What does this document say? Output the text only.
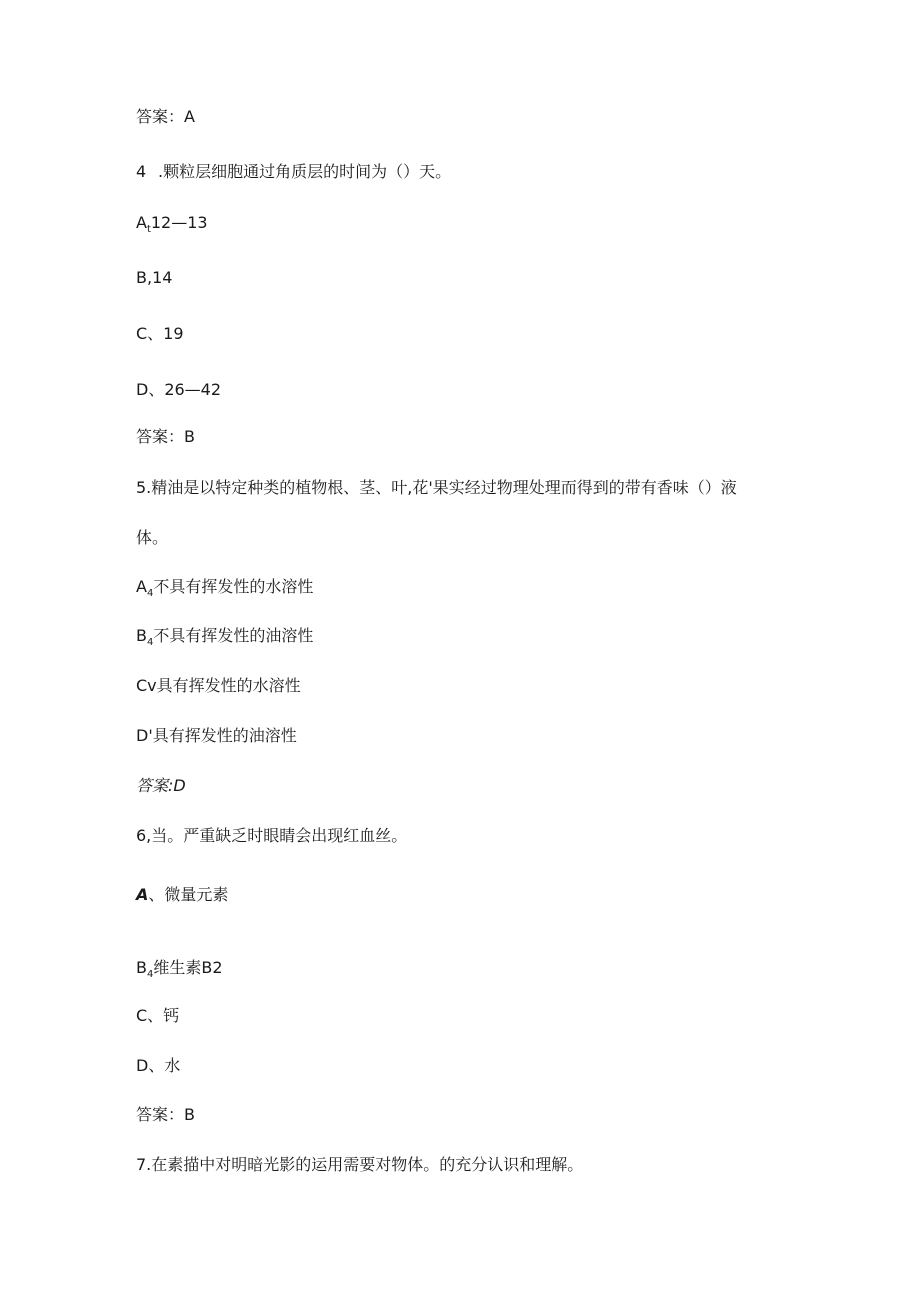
答案：A
4 .颗粒层细胞通过角质层的时间为（）天。
$A_t12—13$
B,14
C、19
D、26—42
答案：B
5.精油是以特定种类的植物根、茎、叶,花'果实经过物理处理而得到的带有香味（）液
体。
$A_4$不具有挥发性的水溶性
$B_4$不具有挥发性的油溶性
Cv具有挥发性的水溶性
D'具有挥发性的油溶性
答案:D
6,当。严重缺乏时眼睛会出现红血丝。
A、微量元素
$B_4$维生素B2
C、钙
D、水
答案：B
7.在素描中对明暗光影的运用需要对物体。的充分认识和理解。
